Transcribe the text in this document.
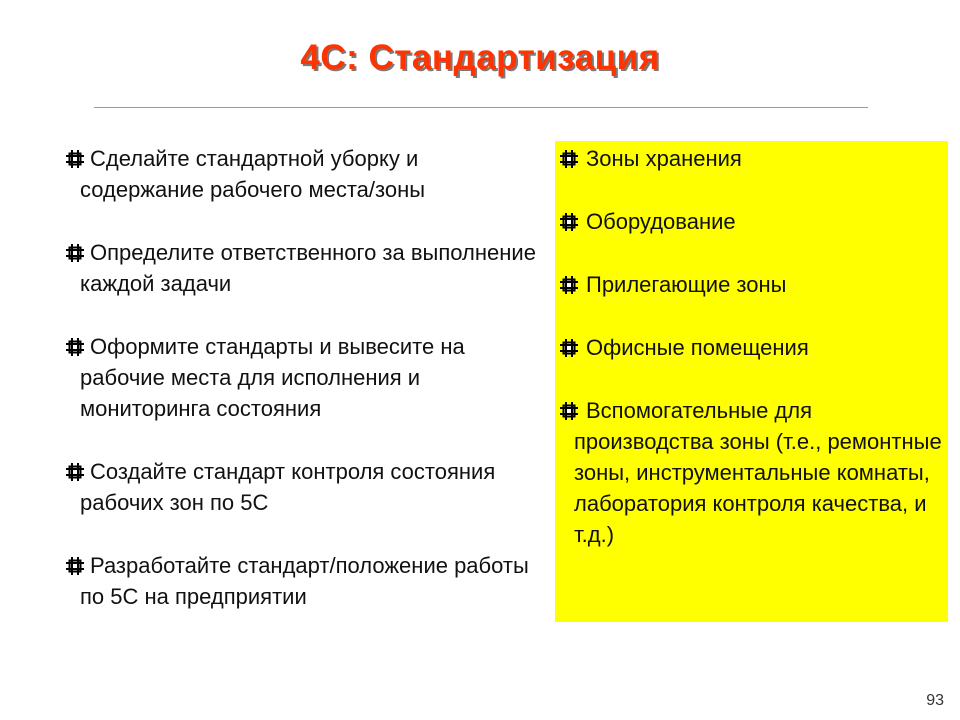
4С: Стандартизация
Сделайте стандартной уборку и содержание рабочего места/зоны
Определите ответственного за выполнение каждой задачи
Оформите стандарты и вывесите на рабочие места для исполнения и мониторинга состояния
Создайте стандарт контроля состояния рабочих зон по 5С
Разработайте стандарт/положение работы по 5С на предприятии
Зоны хранения
Оборудование
Прилегающие зоны
Офисные помещения
Вспомогательные для производства зоны (т.е., ремонтные зоны, инструментальные комнаты, лаборатория контроля качества, и т.д.)
93
